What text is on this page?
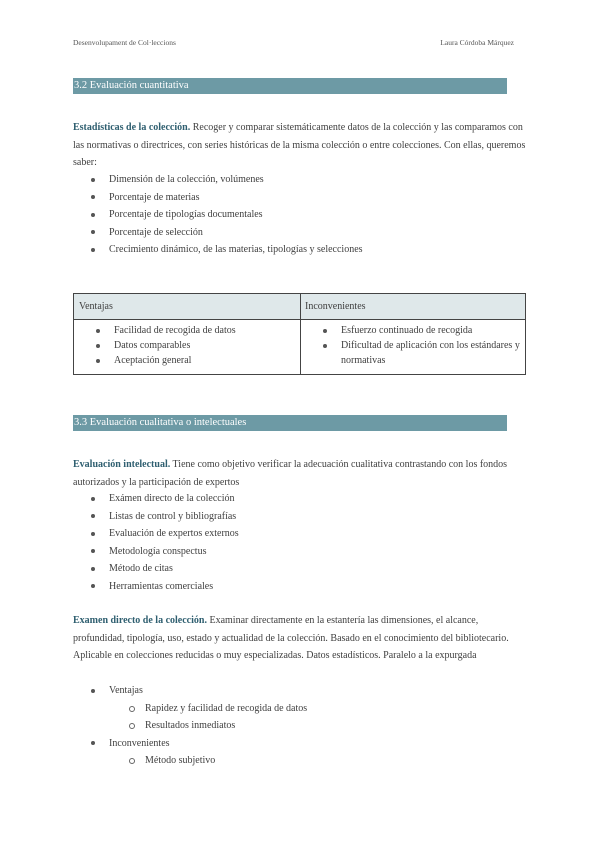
Desenvolupament de Col·leccions	Laura Córdoba Márquez
3.2 Evaluación cuantitativa
Estadísticas de la colección. Recoger y comparar sistemáticamente datos de la colección y las comparamos con las normativas o directrices, con series históricas de la misma colección o entre colecciones. Con ellas, queremos saber:
Dimensión de la colección, volúmenes
Porcentaje de materias
Porcentaje de tipologías documentales
Porcentaje de selección
Crecimiento dinámico, de las materias, tipologías y selecciones
Ventajas	Inconvenientes
Facilidad de recogida de datos
Datos comparables
Aceptación general
Esfuerzo continuado de recogida
Dificultad de aplicación con los estándares y normativas
3.3 Evaluación cualitativa o intelectuales
Evaluación intelectual. Tiene como objetivo verificar la adecuación cualitativa contrastando con los fondos autorizados y la participación de expertos
Exámen directo de la colección
Listas de control y bibliografías
Evaluación de expertos externos
Metodología conspectus
Método de citas
Herramientas comerciales
Examen directo de la colección. Examinar directamente en la estantería las dimensiones, el alcance, profundidad, tipología, uso, estado y actualidad de la colección. Basado en el conocimiento del bibliotecario. Aplicable en colecciones reducidas o muy especializadas. Datos estadísticos. Paralelo a la expurgada
Ventajas
Rapidez y facilidad de recogida de datos
Resultados inmediatos
Inconvenientes
Método subjetivo
